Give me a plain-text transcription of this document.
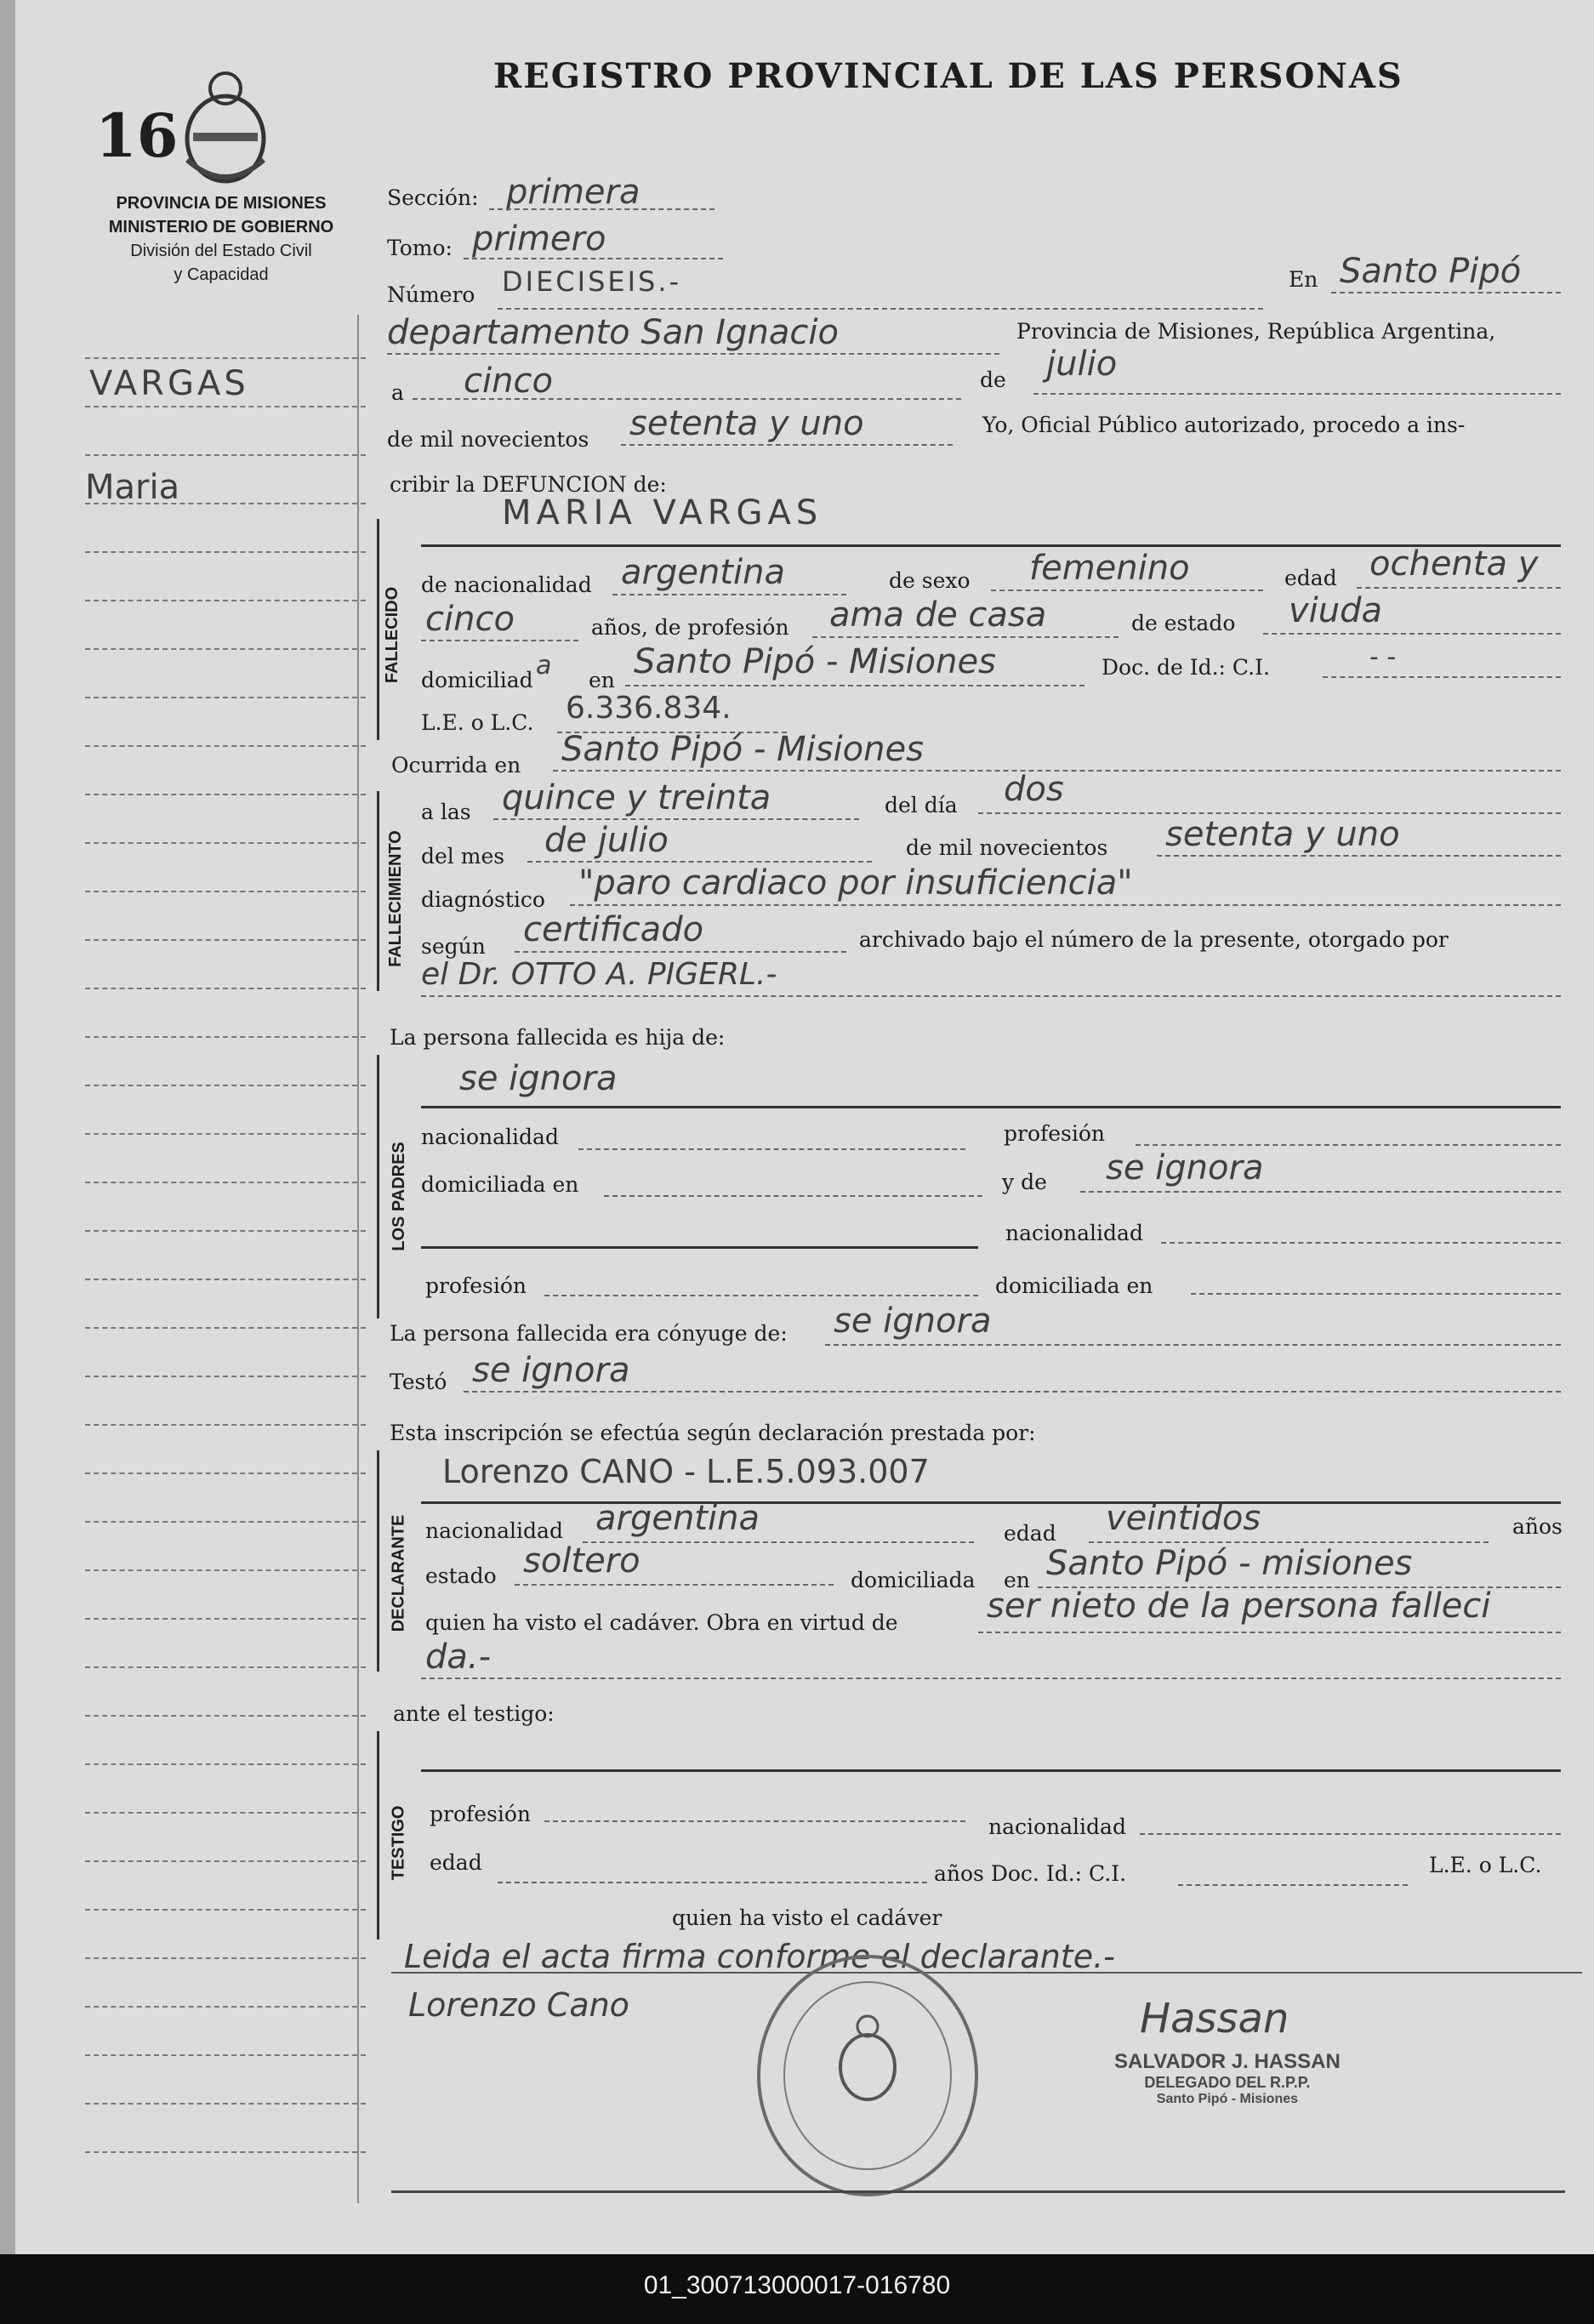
16
REGISTRO PROVINCIAL DE LAS PERSONAS
PROVINCIA DE MISIONES
MINISTERIO DE GOBIERNO
División del Estado Civil
y Capacidad
VARGAS
Maria
Sección: primera
Tomo: primero
Número DIECISEIS.-	En Santo Pipó
departamento San Ignacio	Provincia de Misiones, República Argentina,
a cinco	de julio
de mil novecientos setenta y uno	Yo, Oficial Público autorizado, procedo a ins-
cribir la DEFUNCION de:
FALLECIDO
MARIA VARGAS
de nacionalidad argentina	de sexo femenino	edad ochenta y
cinco	años, de profesión ama de casa	de estado viuda
domiciliad a en Santo Pipó - Misiones	Doc. de Id.: C.I.	- -
L.E. o L.C. 6.336.834.
Ocurrida en Santo Pipó - Misiones
FALLECIMIENTO
a las quince y treinta	del día dos
del mes de julio	de mil novecientos setenta y uno
diagnóstico "paro cardiaco por insuficiencia"
según certificado	archivado bajo el número de la presente, otorgado por
el Dr. OTTO A. PIGERL.-
La persona fallecida es hija de:
LOS PADRES
se ignora
nacionalidad	profesión
domiciliada en	y de se ignora
nacionalidad
profesión	domiciliada en
La persona fallecida era cónyuge de: se ignora
Testó se ignora
Esta inscripción se efectúa según declaración prestada por:
DECLARANTE
Lorenzo CANO - L.E.5.093.007
nacionalidad argentina	edad veintidos	años
estado soltero	domiciliada en Santo Pipó - misiones
quien ha visto el cadáver. Obra en virtud de	ser nieto de la persona falleci
da.-
ante el testigo:
TESTIGO profesión
nacionalidad
edad	años Doc. Id.: C.I.	L.E. o L.C.
quien ha visto el cadáver
Leida el acta firma conforme el declarante.-
Lorenzo Cano	Hassan
SALVADOR J. HASSAN
DELEGADO DEL R.P.P.
Santo Pipó - Misiones
01_300713000017-016780
